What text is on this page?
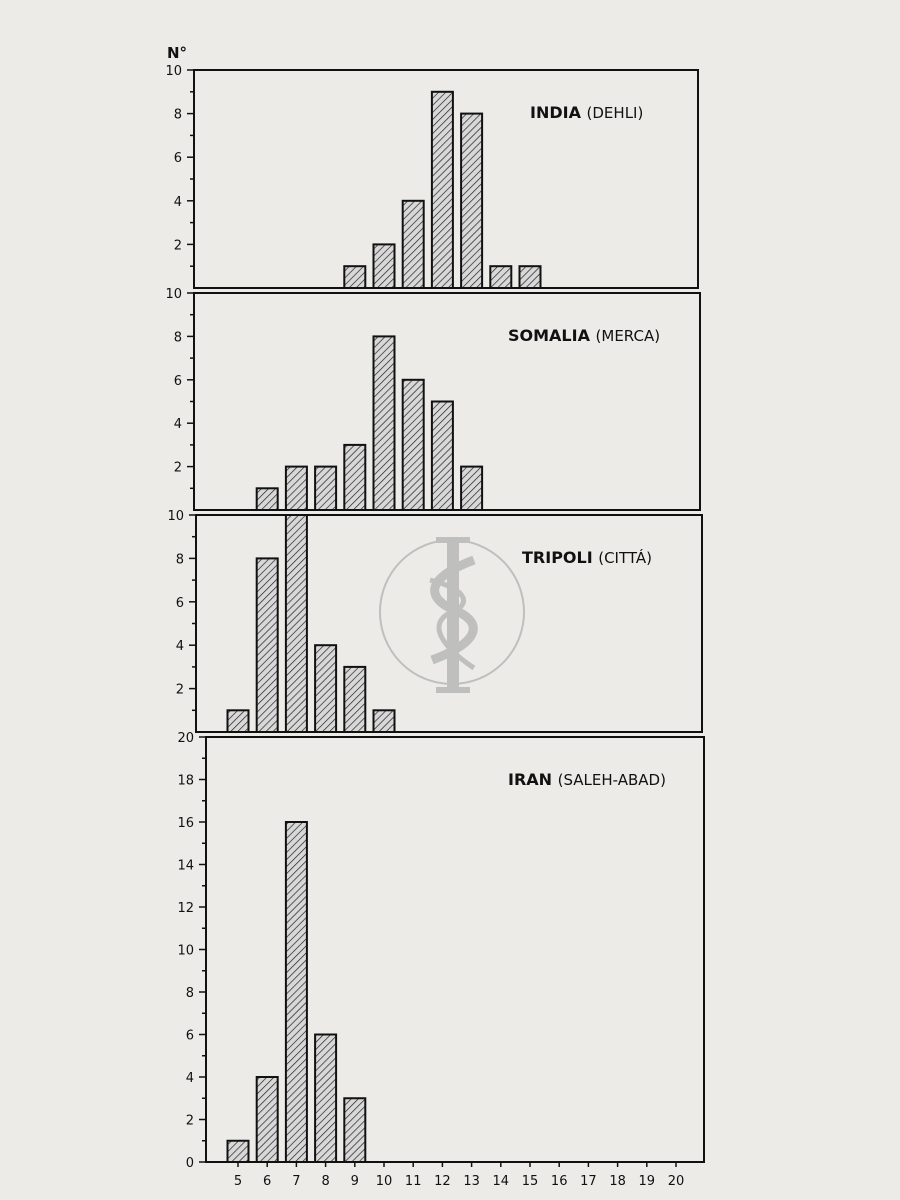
N°
2
4
6
8
10
INDIA (DEHLI)
2
4
6
8
10
SOMALIA (MERCA)
2
4
6
8
10
TRIPOLI (CITTÁ)
0
2
4
6
8
10
12
14
16
18
20
IRAN (SALEH-ABAD)
5 6 7 8 9 10 11 12 13 14 15 16 17 18 19 20
